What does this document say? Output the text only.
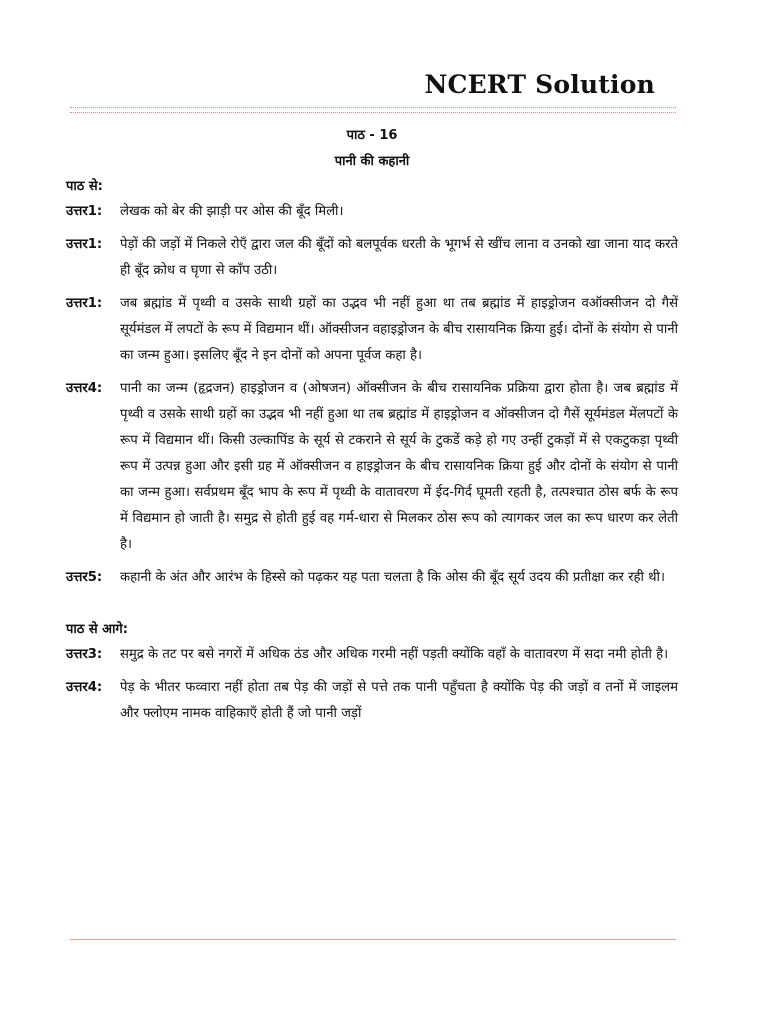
NCERT Solution
पाठ - 16
पानी की कहानी
पाठ से:
उत्तर1:	लेखक को बेर की झाड़ी पर ओस की बूँद मिली।

उत्तर1:	पेड़ों की जड़ों में निकले रोएँ द्वारा जल की बूँदों को बलपूर्वक धरती के भूगर्भ से खींच लाना व उनको खा जाना याद करते ही बूँद क्रोध व घृणा से काँप उठी।

उत्तर1:	जब ब्रह्मांड में पृथ्वी व उसके साथी ग्रहों का उद्भव भी नहीं हुआ था तब ब्रह्मांड में हाइड्रोजन वऑक्सीजन दो गैसें सूर्यमंडल में लपटों के रूप में विद्यमान थीं। ऑक्सीजन वहाइड्रोजन के बीच रासायनिक क्रिया हुई। दोनों के संयोग से पानी का जन्म हुआ। इसलिए बूँद ने इन दोनों को अपना पूर्वज कहा है।

उत्तर4:	पानी का जन्म (हृद्रजन) हाइड्रोजन व (ओषजन) ऑक्सीजन के बीच रासायनिक प्रक्रिया द्वारा होता है। जब ब्रह्मांड में पृथ्वी व उसके साथी ग्रहों का उद्भव भी नहीं हुआ था तब ब्रह्मांड में हाइड्रोजन व ऑक्सीजन दो गैसें सूर्यमंडल मेंलपटों के रूप में विद्यमान थीं। किसी उल्कापिंड के सूर्य से टकराने से सूर्य के टुकडें कड़े हो गए उन्हीं टुकड़ों में से एकटुकड़ा पृथ्वी रूप में उत्पन्न हुआ और इसी ग्रह में ऑक्सीजन व हाइड्रोजन के बीच रासायनिक क्रिया हुई और दोनों के संयोग से पानी का जन्म हुआ। सर्वप्रथम बूँद भाप के रूप में पृथ्वी के वातावरण में ईद-गिर्द घूमती रहती है, तत्पश्चात ठोस बर्फ के रूप में विद्यमान हो जाती है। समुद्र से होती हुई वह गर्म-धारा से मिलकर ठोस रूप को त्यागकर जल का रूप धारण कर लेती है।

उत्तर5:	कहानी के अंत और आरंभ के हिस्से को पढ़कर यह पता चलता है कि ओस की बूँद सूर्य उदय की प्रतीक्षा कर रही थी।

पाठ से आगे:
उत्तर3:	समुद्र के तट पर बसे नगरों में अधिक ठंड और अधिक गरमी नहीं पड़ती क्योंकि वहाँ के वातावरण में सदा नमी होती है।

उत्तर4:	पेड़ के भीतर फव्वारा नहीं होता तब पेड़ की जड़ों से पत्ते तक पानी पहुँचता है क्योंकि पेड़ की जड़ों व तनों में जाइलम और फ्लोएम नामक वाहिकाएँ होती हैं जो पानी जड़ों
